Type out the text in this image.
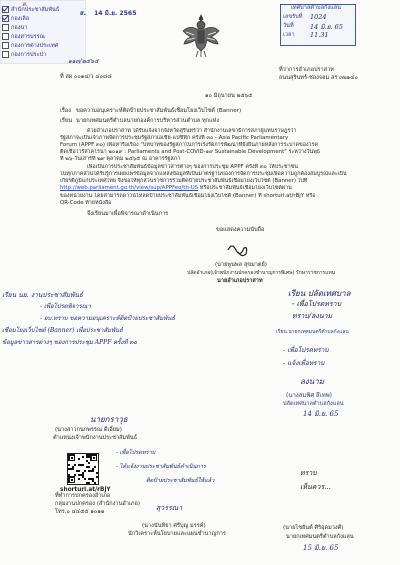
ส.
สำนักประชาสัมพันธ์
กองเลิอ
กองนา
กองสารบรรณ
กองการต่างประเทศ
กองการประปา
ส. 14 มิ.ย. 2565
๑๑๓/๒๕๖๕
เทศบาลตำบลกังแลน
เลขรับที่ 1024
วันที่	14 มิ.ย. 65
เวลา 11.31
ที่ สผ ๐๐๑๔/ว ๔๐๘๘
ที่ว่าการอำเภอปราสาท
ถนนสุรินทร์-ช่องจอม สร ๓๒๑๔๐
๑๐ มิถุนายน ๒๕๖๕
เรื่อง ขอความอนุเคราะห์ติดป้ายประชาสัมพันธ์เชื่อมโยงเว็บไซต์ (Banner)
เรียน นายกเทศมนตรีตำบลนายกองค์การบริหารส่วนตำบล ทุกแห่ง
ด้วยอำเภอปราสาท ได้รับแจ้งจากจังหวัดสุรินทร์ว่า สำนักงานเลขาธิการสภาผู้แทนราษฎรว่า
รัฐสภาจะเป็นเจ้าภาพจัดการประชุมรัฐสภาเอเชีย-แปซิฟิก ครั้งที่ ๓๐ - Asia Pacific Parliamentary
Forum (APPF ๓๐) เพื่อหารือเรื่อง "บทบาทของรัฐสภาในการเร่งรัดการพัฒนาที่ยั่งยืนภายหลังการระบาดของโรค
ติดเชื้อไวรัสโคโรนา ๒๐๑๙ : Parliaments and Post-COVID-๑๙ Sustainable Development" ระหว่างวันพุธ
ที่ ๒๖-วันเสาร์ที่ ๒๙ ตุลาคม ๒๕๖๕ ณ อาคารรัฐสภา
เพื่อเป็นการประชาสัมพันธ์ข้อมูลข่าวสารต่างๆ ของการประชุม APPF ครั้งที่ ๓๐ ให้ประชาชน
ในทุกภาคส่วนได้รับรู้การเผยแพร่ข้อมูลจากแหล่งข้อมูลที่เป็นมาตรฐานของการจัดการประชุมเพื่อความถูกต้องสมบูรณ์และเป็น
เกียรติภูมิแก่ประเทศไทย จึงขอให้ทุกส่วนราชการร่วมติดป้ายประชาสัมพันธ์เชื่อมโยงเว็บไซต์ (Banner) ไปที่
http://web.parliament.go.th/view/sup/APPFeo/th-US หรือประชาสัมพันธ์เชื่อมโยงเว็บไซต์ผ่าน
ของหน่วยงาน โดยสามารถดาวน์โหลดป้ายประชาสัมพันธ์เชื่อมโยงเว็บไซต์ (Banner) ที่ shorturl.at/rBjY หรือ
QR-Code ท้ายหนังสือ
จึงเรียนมาเพื่อพิจารณาดำเนินการ
ขอแสดงความนับถือ
(นายพูนพล สุขมาตย์)
ปลัดอำเภอ(เจ้าพนักงานปกครองชำนาญการพิเศษ) รักษาราชการแทน
นายอำเภอปราสาท
เรียน นย. งานประชาสัมพันธ์
- เพื่อโปรดพิจารณา
- อบ.ทราบ ขอความอนุเคราะห์ติดป้ายประชาสัมพันธ์
เชื่อมโยงเว็บไซต์ (Banner) เพื่อประชาสัมพันธ์
ข้อมูลข่าวสารต่างๆ ของการประชุม APPF ครั้งที่ ๓๐
นายกราวุธ
(นางสาวกนกพรรณ ดีเอี่ยม)
ตำแหน่งเจ้าพนักงานประชาสัมพันธ์
shorturl.at/rBjY
- เพื่อโปรดทราบ
- ได้แจ้งงานประชาสัมพันธ์ดำเนินการ
ติดป้ายประชาสัมพันธ์ให้แล้ว
สุวรรณา
(นางนันทิยา ศรีบุญ มรรค์)
นักวิเคราะห์นโยบายและแผนชำนาญการ
ที่ทำการปกครองอำเภอ
กลุ่มงานปกครอง (สำนักงานอำเภอ)
โทร.๐ ๔๔๕๕ ๑๐๑๑
เรียน ปลัดเทศบาล
- เพื่อโปรดทราบ
ทราบ/ลงนาม
เรียน นายกเทศมนตรีตำบลกังแลน
- เพื่อโปรดทราบ
- แจ้งเพื่อทราบ
ลงนาม
(นางสมพิศ สีเทพ)
ปลัดเทศบาลตำบลกังแลน
14 มิ.ย. 65
ทราบ
เห็นควร...
(นายไชยันต์ ศิริอุดมวงศ์)
นายกเทศมนตรีตำบลกังแลน
15 มิ.ย. 65
